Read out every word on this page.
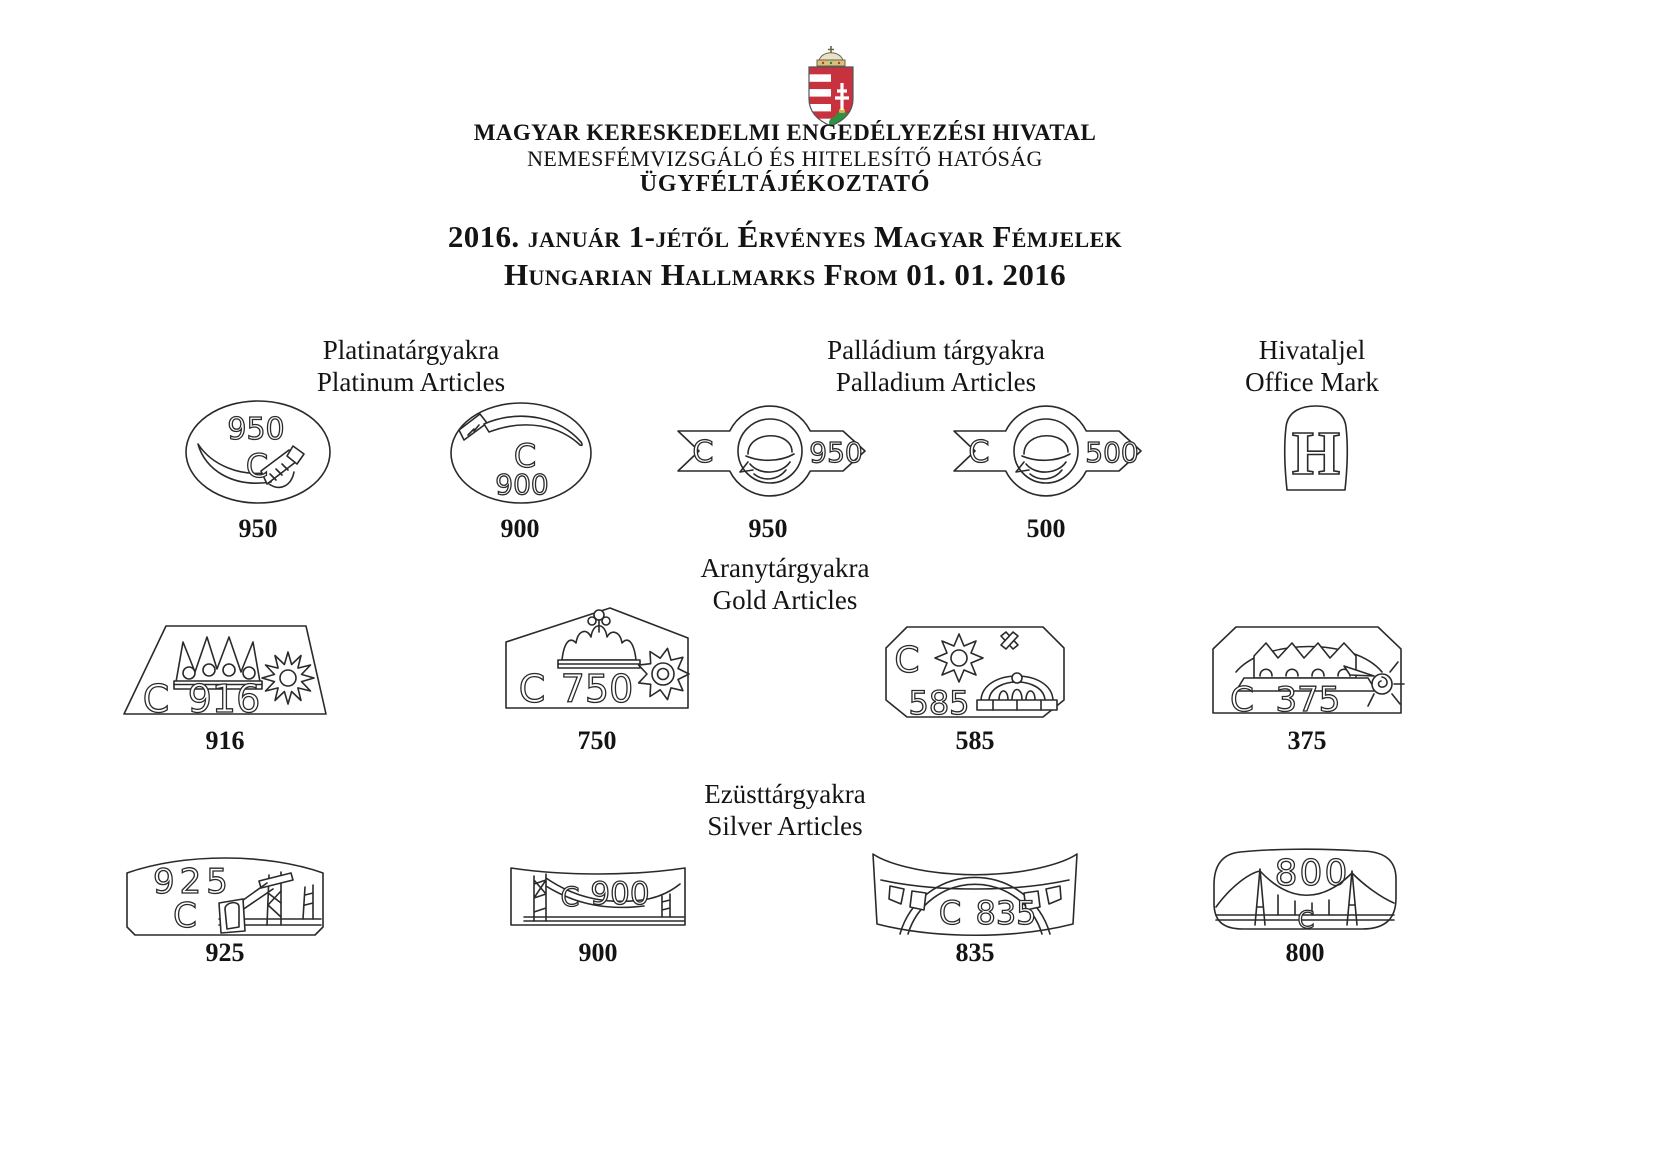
MAGYAR KERESKEDELMI ENGEDÉLYEZÉSI HIVATAL
NEMESFÉMVIZSGÁLÓ ÉS HITELESÍTŐ HATÓSÁG
ÜGYFÉLTÁJÉKOZTATÓ
2016. január 1-jétől Érvényes Magyar Fémjelek
Hungarian Hallmarks From 01. 01. 2016
Platinatárgyakra
Platinum Articles
Palládium tárgyakra
Palladium Articles
Hivataljel
Office Mark
950
C	C
900
C	950	C	500 H
950	900	950	500
Aranytárgyakra
Gold Articles
C 916	C 750
C
585	C 375
916	750	585	375
Ezüsttárgyakra
Silver Articles
925
C	C 900	C 835
800
C
925	900	835	800
